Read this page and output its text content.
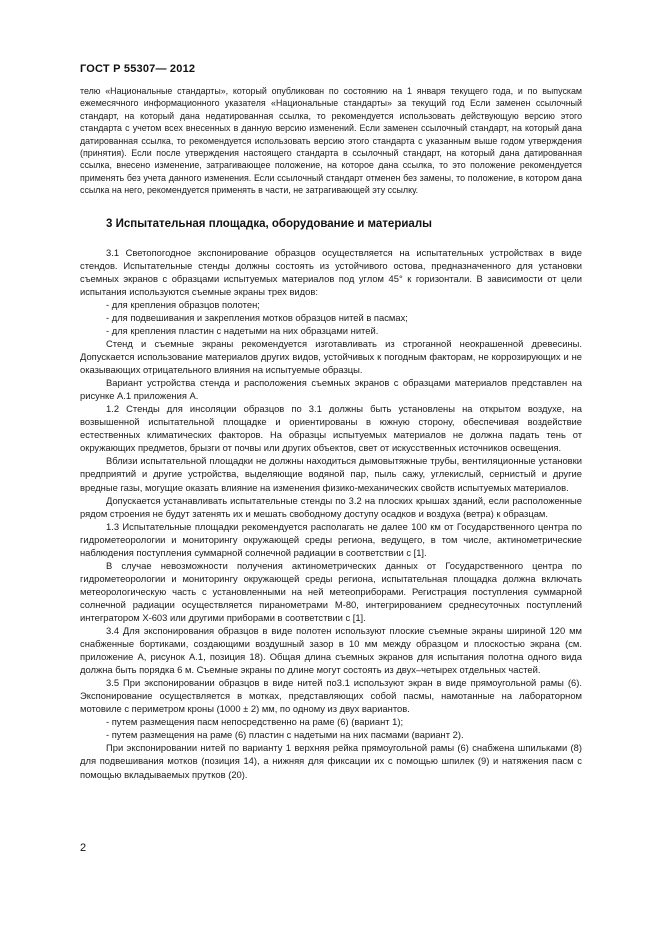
ГОСТ Р 55307— 2012

телю «Национальные стандарты», который опубликован по состоянию на 1 января текущего года, и по выпускам ежемесячного информационного указателя «Национальные стандарты» за текущий год Если заменен ссылочный стандарт, на который дана недатированная ссылка, то рекомендуется использовать действующую версию этого стандарта с учетом всех внесенных в данную версию изменений. Если заменен ссылочный стандарт, на который дана датированная ссылка, то рекомендуется использовать версию этого стандарта с указанным выше годом утверждения (принятия). Если после утверждения настоящего стандарта в ссылочный стандарт, на который дана датированная ссылка, внесено изменение, затрагивающее положение, на которое дана ссылка, то это положение рекомендуется применять без учета данного изменения. Если ссылочный стандарт отменен без замены, то положение, в котором дана ссылка на него, рекомендуется применять в части, не затрагивающей эту ссылку.

3 Испытательная площадка, оборудование и материалы

3.1 Светопогодное экспонирование образцов осуществляется на испытательных устройствах в виде стендов. Испытательные стенды должны состоять из устойчивого остова, предназначенного для установки съемных экранов с образцами испытуемых материалов под углом 45° к горизонтали. В зависимости от цели испытания используются съемные экраны трех видов:

- для крепления образцов полотен;

- для подвешивания и закрепления мотков образцов нитей в пасмах;

- для крепления пластин с надетыми на них образцами нитей.

Стенд и съемные экраны рекомендуется изготавливать из строганной неокрашенной древесины. Допускается использование материалов других видов, устойчивых к погодным факторам, не коррозирующих и не оказывающих отрицательного влияния на испытуемые образцы.

Вариант устройства стенда и расположения съемных экранов с образцами материалов представлен на рисунке А.1 приложения А.

1.2 Стенды для инсоляции образцов по 3.1 должны быть установлены на открытом воздухе, на возвышенной испытательной площадке и ориентированы в южную сторону, обеспечивая воздействие естественных климатических факторов. На образцы испытуемых материалов не должна падать тень от окружающих предметов, брызги от почвы или других объектов, свет от искусственных источников освещения.

Вблизи испытательной площадки не должны находиться дымовытяжные трубы, вентиляционные установки предприятий и другие устройства, выделяющие водяной пар, пыль сажу, углекислый, сернистый и другие вредные газы, могущие оказать влияние на изменения физико-механических свойств испытуемых материалов.

Допускается устанавливать испытательные стенды по 3.2 на плоских крышах зданий, если расположенные рядом строения не будут затенять их и мешать свободному доступу осадков и воздуха (ветра) к образцам.

1.3 Испытательные площадки рекомендуется располагать не далее 100 км от Государственного центра по гидрометеорологии и мониторингу окружающей среды региона, ведущего, в том числе, актинометрические наблюдения поступления суммарной солнечной радиации в соответствии с [1].

В случае невозможности получения актинометрических данных от Государственного центра по гидрометеорологии и мониторингу окружающей среды региона, испытательная площадка должна включать метеорологическую часть с установленными на ней метеоприборами. Регистрация поступления суммарной солнечной радиации осуществляется пиранометрами М-80, интегрированием среднесуточных поступлений интегратором Х-603 или другими приборами в соответствии с [1].

3.4 Для экспонирования образцов в виде полотен используют плоские съемные экраны шириной 120 мм снабженные бортиками, создающими воздушный зазор в 10 мм между образцом и плоскостью экрана (см. приложение А, рисунок А.1, позиция 18). Общая длина съемных экранов для испытания полотна одного вида должна быть порядка 6 м. Съемные экраны по длине могут состоять из двух–четырех отдельных частей.

3.5 При экспонировании образцов в виде нитей по3.1 используют экран в виде прямоугольной рамы (6). Экспонирование осуществляется в мотках, представляющих собой пасмы, намотанные на лабораторном мотовиле с периметром кроны (1000 ± 2) мм, по одному из двух вариантов.

- путем размещения пасм непосредственно на раме (6) (вариант 1);

- путем размещения на раме (6) пластин с надетыми на них пасмами (вариант 2).

При экспонировании нитей по варианту 1 верхняя рейка прямоугольной рамы (6) снабжена шпильками (8) для подвешивания мотков (позиция 14), а нижняя для фиксации их с помощью шпилек (9) и натяжения пасм с помощью вкладываемых прутков (20).

2
